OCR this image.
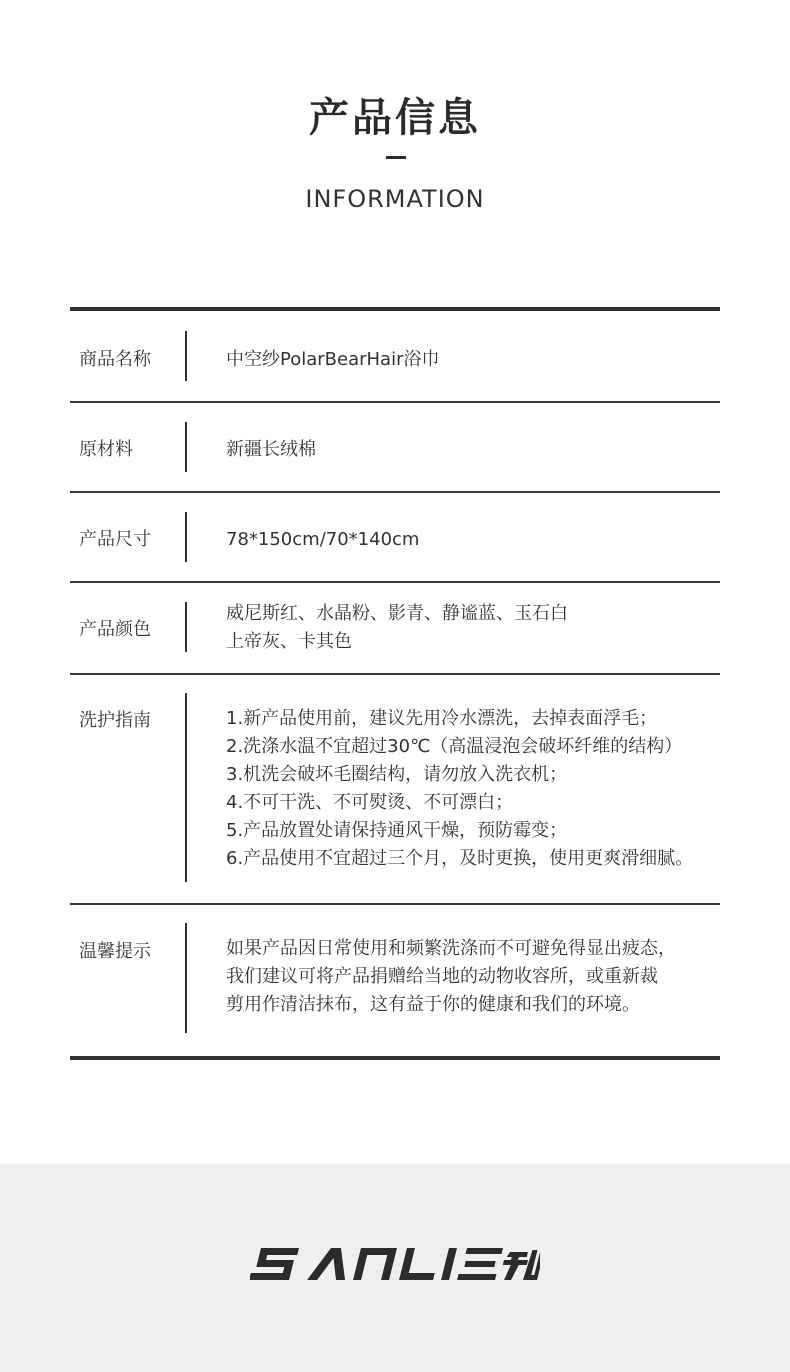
产品信息
INFORMATION
商品名称	中空纱PolarBearHair浴巾
原材料	新疆长绒棉
产品尺寸	78*150cm/70*140cm
产品颜色
威尼斯红、水晶粉、影青、静谧蓝、玉石白
上帝灰、卡其色
洗护指南	1.新产品使用前，建议先用冷水漂洗，去掉表面浮毛；
2.洗涤水温不宜超过30℃（高温浸泡会破坏纤维的结构）
3.机洗会破坏毛圈结构，请勿放入洗衣机；
4.不可干洗、不可熨烫、不可漂白；
5.产品放置处请保持通风干燥，预防霉变；
6.产品使用不宜超过三个月，及时更换，使用更爽滑细腻。
温馨提示	如果产品因日常使用和频繁洗涤而不可避免得显出疲态，
我们建议可将产品捐赠给当地的动物收容所，或重新裁
剪用作清洁抹布，这有益于你的健康和我们的环境。
